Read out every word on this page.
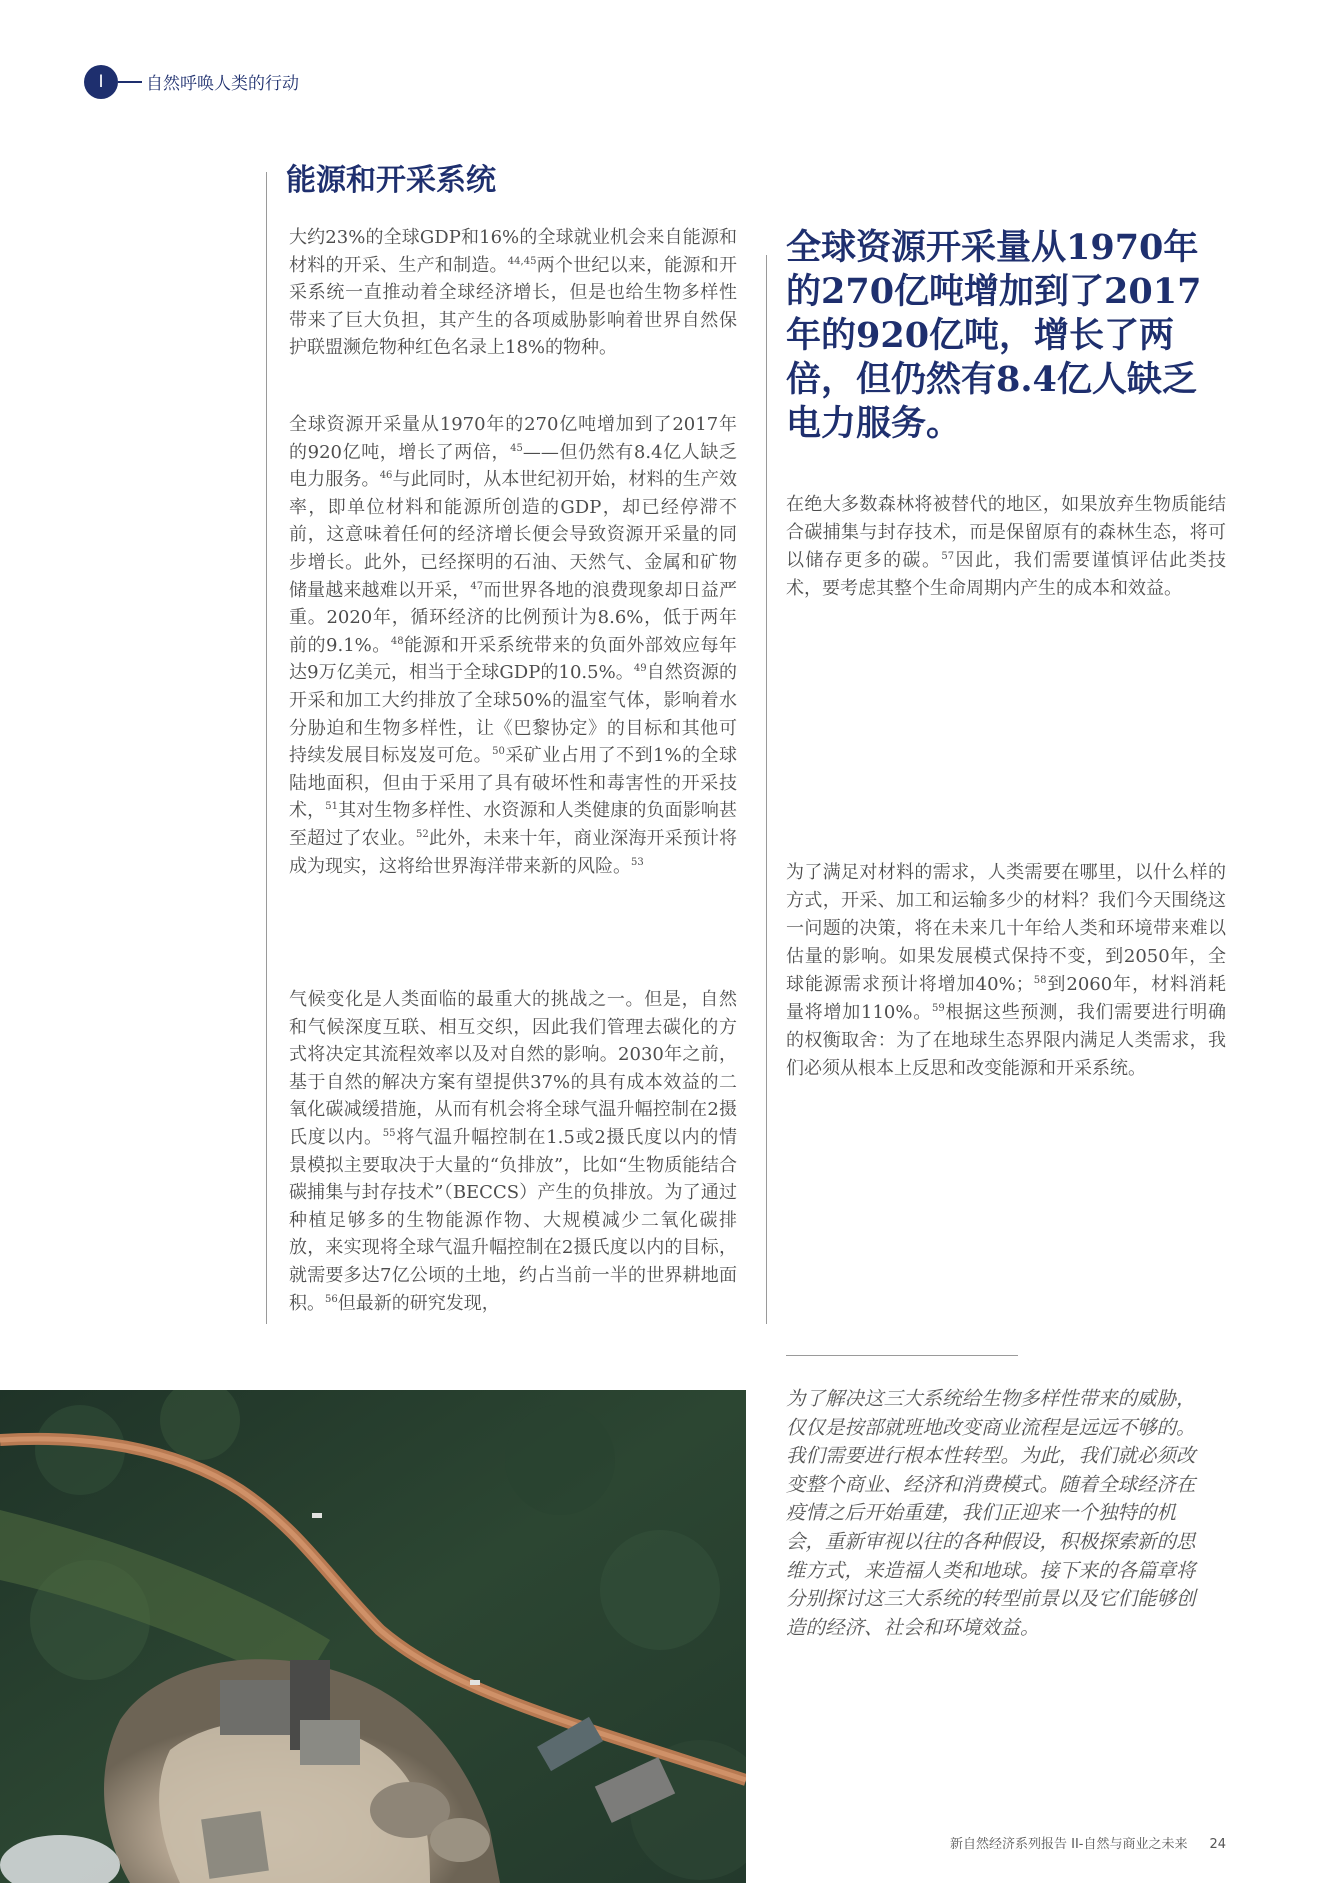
I	自然呼唤人类的行动
能源和开采系统

大约23%的全球GDP和16%的全球就业机会来自能源和材料的开采、生产和制造。$^{44,45}$两个世纪以来，能源和开采系统一直推动着全球经济增长，但是也给生物多样性带来了巨大负担，其产生的各项威胁影响着世界自然保护联盟濒危物种红色名录上18%的物种。

全球资源开采量从1970年的270亿吨增加到了2017年的920亿吨，增长了两倍，$^{45}$——但仍然有8.4亿人缺乏电力服务。$^{46}$与此同时，从本世纪初开始，材料的生产效率，即单位材料和能源所创造的GDP，却已经停滞不前，这意味着任何的经济增长便会导致资源开采量的同步增长。此外，已经探明的石油、天然气、金属和矿物储量越来越难以开采，$^{47}$而世界各地的浪费现象却日益严重。2020年，循环经济的比例预计为8.6%，低于两年前的9.1%。$^{48}$能源和开采系统带来的负面外部效应每年达9万亿美元，相当于全球GDP的10.5%。$^{49}$自然资源的开采和加工大约排放了全球50%的温室气体，影响着水分胁迫和生物多样性，让《巴黎协定》的目标和其他可持续发展目标岌岌可危。$^{50}$采矿业占用了不到1%的全球陆地面积，但由于采用了具有破坏性和毒害性的开采技术，$^{51}$其对生物多样性、水资源和人类健康的负面影响甚至超过了农业。$^{52}$此外，未来十年，商业深海开采预计将成为现实，这将给世界海洋带来新的风险。$^{53}$

气候变化是人类面临的最重大的挑战之一。但是，自然和气候深度互联、相互交织，因此我们管理去碳化的方式将决定其流程效率以及对自然的影响。2030年之前，基于自然的解决方案有望提供37%的具有成本效益的二氧化碳减缓措施，从而有机会将全球气温升幅控制在2摄氏度以内。$^{55}$将气温升幅控制在1.5或2摄氏度以内的情景模拟主要取决于大量的“负排放”，比如“生物质能结合碳捕集与封存技术”（BECCS）产生的负排放。为了通过种植足够多的生物能源作物、大规模减少二氧化碳排放，来实现将全球气温升幅控制在2摄氏度以内的目标，就需要多达7亿公顷的土地，约占当前一半的世界耕地面积。$^{56}$但最新的研究发现，

全球资源开采量从1970年的270亿吨增加到了2017年的920亿吨，增长了两倍，但仍然有8.4亿人缺乏电力服务。

在绝大多数森林将被替代的地区，如果放弃生物质能结合碳捕集与封存技术，而是保留原有的森林生态，将可以储存更多的碳。$^{57}$因此，我们需要谨慎评估此类技术，要考虑其整个生命周期内产生的成本和效益。

为了满足对材料的需求，人类需要在哪里，以什么样的方式，开采、加工和运输多少的材料？我们今天围绕这一问题的决策，将在未来几十年给人类和环境带来难以估量的影响。如果发展模式保持不变，到2050年，全球能源需求预计将增加40%；$^{58}$到2060年，材料消耗量将增加110%。$^{59}$根据这些预测，我们需要进行明确的权衡取舍：为了在地球生态界限内满足人类需求，我们必须从根本上反思和改变能源和开采系统。

为了解决这三大系统给生物多样性带来的威胁，仅仅是按部就班地改变商业流程是远远不够的。我们需要进行根本性转型。为此，我们就必须改变整个商业、经济和消费模式。随着全球经济在疫情之后开始重建，我们正迎来一个独特的机会，重新审视以往的各种假设，积极探索新的思维方式，来造福人类和地球。接下来的各篇章将分别探讨这三大系统的转型前景以及它们能够创造的经济、社会和环境效益。
新自然经济系列报告 II-自然与商业之未来 24
